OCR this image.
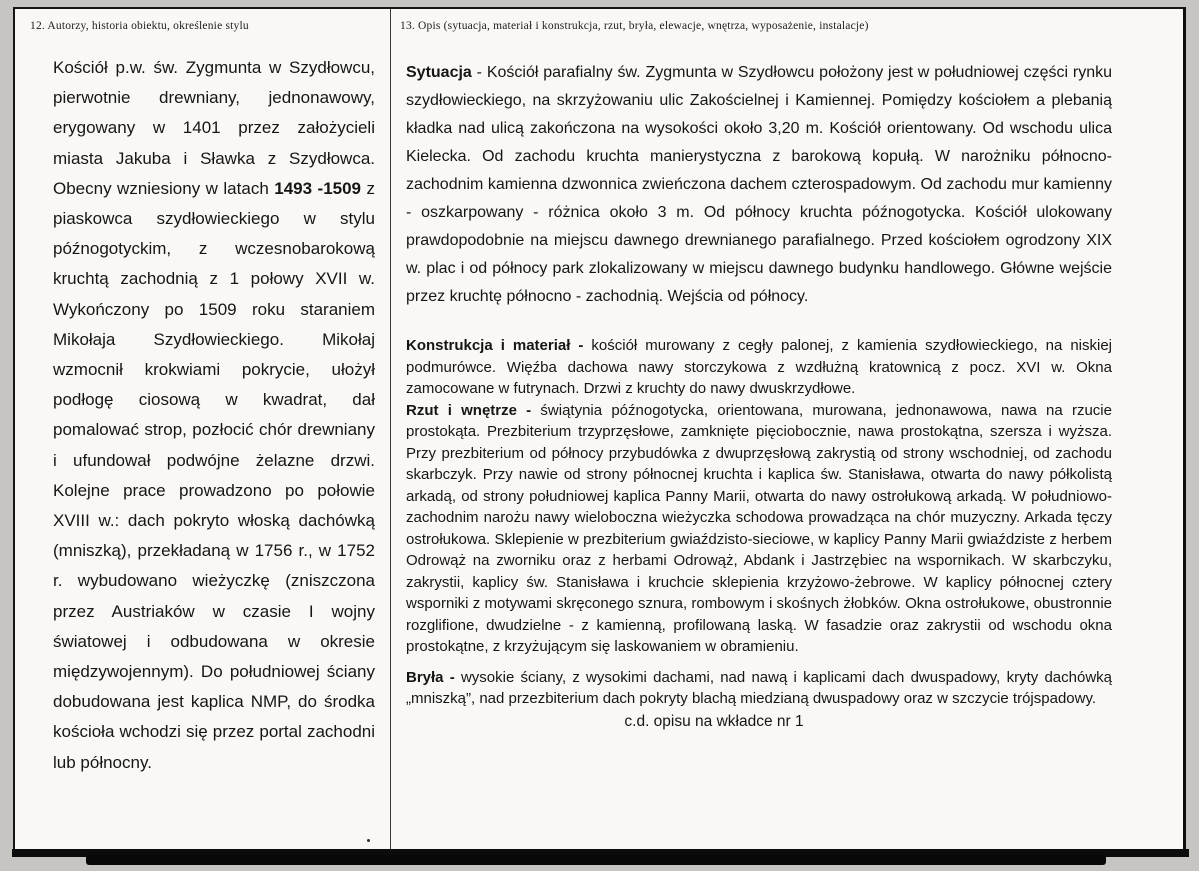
12. Autorzy, historia obiektu, określenie stylu	13. Opis (sytuacja, materiał i konstrukcja, rzut, bryła, elewacje, wnętrza, wyposażenie, instalacje)

Kościół p.w. św. Zygmunta w Szydłowcu, pierwotnie drewniany, jednonawowy, erygowany w 1401 przez założycieli miasta Jakuba i Sławka z Szydłowca. Obecny wzniesiony w latach 1493 -1509 z piaskowca szydłowieckiego w stylu późnogotyckim, z wczesnobarokową kruchtą zachodnią z 1 połowy XVII w. Wykończony po 1509 roku staraniem Mikołaja Szydłowieckiego. Mikołaj wzmocnił krokwiami pokrycie, ułożył podłogę ciosową w kwadrat, dał pomalować strop, pozłocić chór drewniany i ufundował podwójne żelazne drzwi. Kolejne prace prowadzono po połowie XVIII w.: dach pokryto włoską dachówką (mniszką), przekładaną w 1756 r., w 1752 r. wybudowano wieżyczkę (zniszczona przez Austriaków w czasie I wojny światowej i odbudowana w okresie międzywojennym). Do południowej ściany dobudowana jest kaplica NMP, do środka kościoła wchodzi się przez portal zachodni lub północny.

Sytuacja - Kościół parafialny św. Zygmunta w Szydłowcu położony jest w południowej części rynku szydłowieckiego, na skrzyżowaniu ulic Zakościelnej i Kamiennej. Pomiędzy kościołem a plebanią kładka nad ulicą zakończona na wysokości około 3,20 m. Kościół orientowany. Od wschodu ulica Kielecka. Od zachodu kruchta manierystyczna z barokową kopułą. W narożniku północno-zachodnim kamienna dzwonnica zwieńczona dachem czterospadowym. Od zachodu mur kamienny - oszkarpowany - różnica około 3 m. Od północy kruchta późnogotycka. Kościół ulokowany prawdopodobnie na miejscu dawnego drewnianego parafialnego. Przed kościołem ogrodzony XIX w. plac i od północy park zlokalizowany w miejscu dawnego budynku handlowego. Główne wejście przez kruchtę północno - zachodnią. Wejścia od północy.

Konstrukcja i materiał - kościół murowany z cegły palonej, z kamienia szydłowieckiego, na niskiej podmurówce. Więźba dachowa nawy storczykowa z wzdłużną kratownicą z pocz. XVI w. Okna zamocowane w futrynach. Drzwi z kruchty do nawy dwuskrzydłowe.

Rzut i wnętrze - świątynia późnogotycka, orientowana, murowana, jednonawowa, nawa na rzucie prostokąta. Prezbiterium trzyprzęsłowe, zamknięte pięciobocznie, nawa prostokątna, szersza i wyższa. Przy prezbiterium od północy przybudówka z dwuprzęsłową zakrystią od strony wschodniej, od zachodu skarbczyk. Przy nawie od strony północnej kruchta i kaplica św. Stanisława, otwarta do nawy półkolistą arkadą, od strony południowej kaplica Panny Marii, otwarta do nawy ostrołukową arkadą. W południowo-zachodnim narożu nawy wieloboczna wieżyczka schodowa prowadząca na chór muzyczny. Arkada tęczy ostrołukowa. Sklepienie w prezbiterium gwiaździsto-sieciowe, w kaplicy Panny Marii gwiaździste z herbem Odrowąż na zworniku oraz z herbami Odrowąż, Abdank i Jastrzębiec na wspornikach. W skarbczyku, zakrystii, kaplicy św. Stanisława i kruchcie sklepienia krzyżowo-żebrowe. W kaplicy północnej cztery wsporniki z motywami skręconego sznura, rombowym i skośnych żłobków. Okna ostrołukowe, obustronnie rozglifione, dwudzielne - z kamienną, profilowaną laską. W fasadzie oraz zakrystii od wschodu okna prostokątne, z krzyżującym się laskowaniem w obramieniu.

Bryła - wysokie ściany, z wysokimi dachami, nad nawą i kaplicami dach dwuspadowy, kryty dachówką „mniszką”, nad przezbiterium dach pokryty blachą miedzianą dwuspadowy oraz w szczycie trójspadowy.

c.d. opisu na wkładce nr 1
